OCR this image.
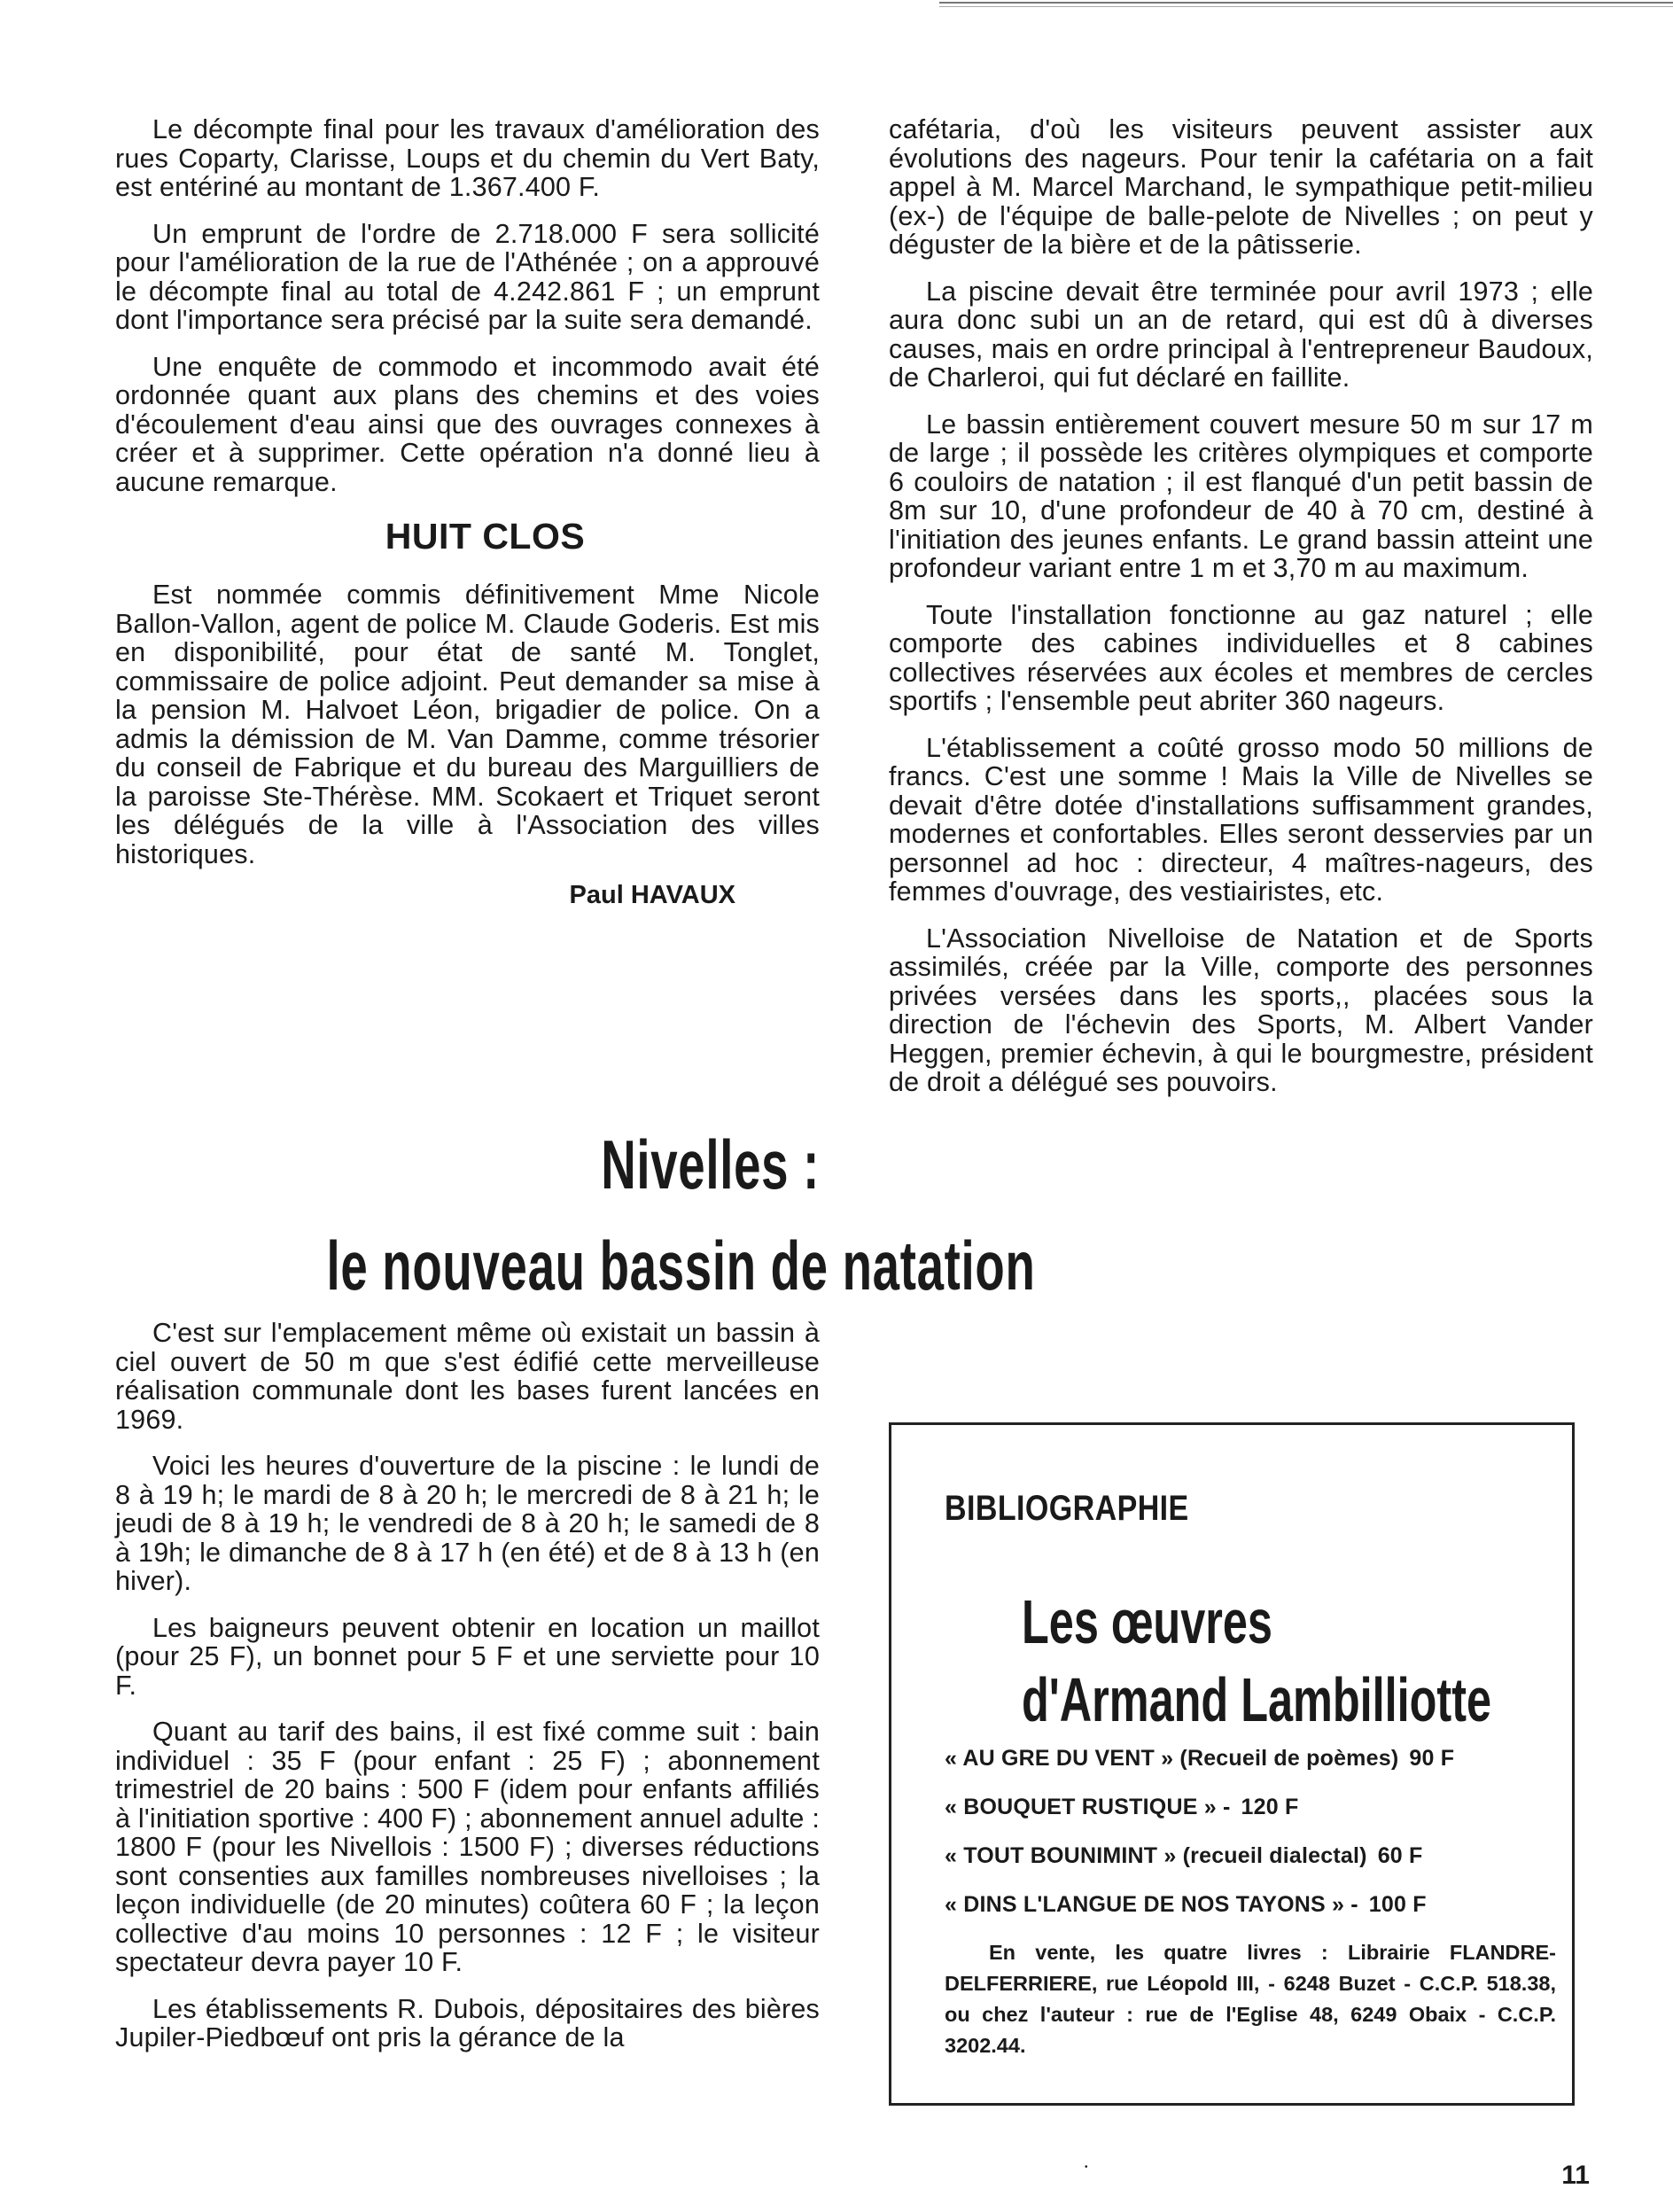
Le décompte final pour les travaux d'amélioration des rues Coparty, Clarisse, Loups et du chemin du Vert Baty, est entériné au montant de 1.367.400 F.

Un emprunt de l'ordre de 2.718.000 F sera sollicité pour l'amélioration de la rue de l'Athénée ; on a approuvé le décompte final au total de 4.242.861 F ; un emprunt dont l'importance sera précisé par la suite sera demandé.

Une enquête de commodo et incommodo avait été ordonnée quant aux plans des chemins et des voies d'écoulement d'eau ainsi que des ouvrages connexes à créer et à supprimer. Cette opération n'a donné lieu à aucune remarque.

HUIT CLOS

Est nommée commis définitivement Mme Nicole Ballon-Vallon, agent de police M. Claude Goderis. Est mis en disponibilité, pour état de santé M. Tonglet, commissaire de police adjoint. Peut demander sa mise à la pension M. Halvoet Léon, brigadier de police. On a admis la démission de M. Van Damme, comme trésorier du conseil de Fabrique et du bureau des Marguilliers de la paroisse Ste-Thérèse. MM. Scokaert et Triquet seront les délégués de la ville à l'Association des villes historiques.

Paul HAVAUX
Nivelles :
le nouveau bassin de natation

C'est sur l'emplacement même où existait un bassin à ciel ouvert de 50 m que s'est édifié cette merveilleuse réalisation communale dont les bases furent lancées en 1969.

Voici les heures d'ouverture de la piscine : le lundi de 8 à 19 h; le mardi de 8 à 20 h; le mercredi de 8 à 21 h; le jeudi de 8 à 19 h; le vendredi de 8 à 20 h; le samedi de 8 à 19h; le dimanche de 8 à 17 h (en été) et de 8 à 13 h (en hiver).

Les baigneurs peuvent obtenir en location un maillot (pour 25 F), un bonnet pour 5 F et une serviette pour 10 F.

Quant au tarif des bains, il est fixé comme suit : bain individuel : 35 F (pour enfant : 25 F) ; abonnement trimestriel de 20 bains : 500 F (idem pour enfants affiliés à l'initiation sportive : 400 F) ; abonnement annuel adulte : 1800 F (pour les Nivellois : 1500 F) ; diverses réductions sont consenties aux familles nombreuses nivelloises ; la leçon individuelle (de 20 minutes) coûtera 60 F ; la leçon collective d'au moins 10 personnes : 12 F ; le visiteur spectateur devra payer 10 F.

Les établissements R. Dubois, dépositaires des bières Jupiler-Piedbœuf ont pris la gérance de la

cafétaria, d'où les visiteurs peuvent assister aux évolutions des nageurs. Pour tenir la cafétaria on a fait appel à M. Marcel Marchand, le sympathique petit-milieu (ex-) de l'équipe de balle-pelote de Nivelles ; on peut y déguster de la bière et de la pâtisserie.

La piscine devait être terminée pour avril 1973 ; elle aura donc subi un an de retard, qui est dû à diverses causes, mais en ordre principal à l'entrepreneur Baudoux, de Charleroi, qui fut déclaré en faillite.

Le bassin entièrement couvert mesure 50 m sur 17 m de large ; il possède les critères olympiques et comporte 6 couloirs de natation ; il est flanqué d'un petit bassin de 8m sur 10, d'une profondeur de 40 à 70 cm, destiné à l'initiation des jeunes enfants. Le grand bassin atteint une profondeur variant entre 1 m et 3,70 m au maximum.

Toute l'installation fonctionne au gaz naturel ; elle comporte des cabines individuelles et 8 cabines collectives réservées aux écoles et membres de cercles sportifs ; l'ensemble peut abriter 360 nageurs.

L'établissement a coûté grosso modo 50 millions de francs. C'est une somme ! Mais la Ville de Nivelles se devait d'être dotée d'installations suffisamment grandes, modernes et confortables. Elles seront desservies par un personnel ad hoc : directeur, 4 maîtres-nageurs, des femmes d'ouvrage, des vestiairistes, etc.

L'Association Nivelloise de Natation et de Sports assimilés, créée par la Ville, comporte des personnes privées versées dans les sports,, placées sous la direction de l'échevin des Sports, M. Albert Vander Heggen, premier échevin, à qui le bourgmestre, président de droit a délégué ses pouvoirs.

BIBLIOGRAPHIE
Les œuvres
d'Armand Lambilliotte
« AU GRE DU VENT » (Recueil de poèmes) 90 F
« BOUQUET RUSTIQUE » - 120 F
« TOUT BOUNIMINT » (recueil dialectal) 60 F
« DINS L'LANGUE DE NOS TAYONS » - 100 F
En vente, les quatre livres : Librairie FLANDRE-DELFERRIERE, rue Léopold III, - 6248 Buzet - C.C.P. 518.38, ou chez l'auteur : rue de l'Eglise 48, 6249 Obaix - C.C.P. 3202.44.
•	11
